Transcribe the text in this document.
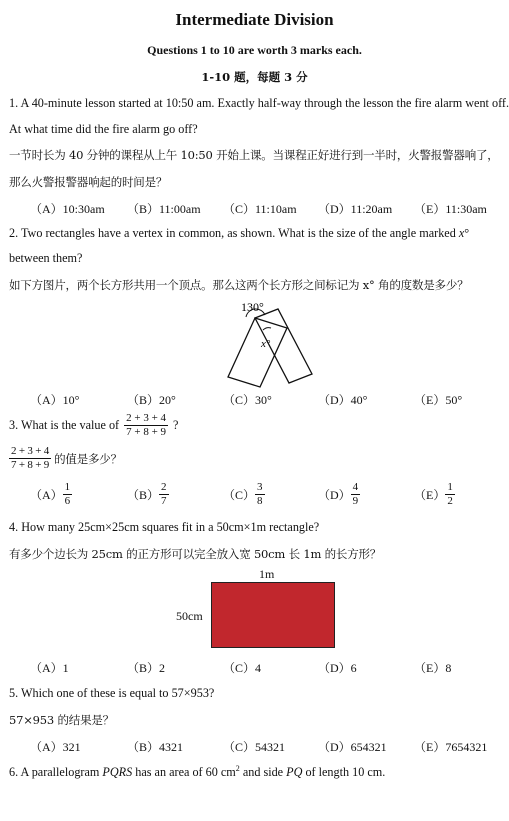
Intermediate Division
Questions 1 to 10 are worth 3 marks each.
1-10 题，每题 3 分
1. A 40-minute lesson started at 10:50 am. Exactly half-way through the lesson the fire alarm went off.
At what time did the fire alarm go off?
一节时长为 40 分钟的课程从上午 10:50 开始上课。当课程正好进行到一半时，火警报警器响了，
那么火警报警器响起的时间是？
（A）10:30am （B）11:00am （C）11:10am （D）11:20am （E）11:30am
2. Two rectangles have a vertex in common, as shown. What is the size of the angle marked x°
between them?
如下方图片，两个长方形共用一个顶点。那么这两个长方形之间标记为 x° 角的度数是多少？
130°
x°
（A）10°	（B）20°	（C）30°	（D）40°	（E）50°
3. What is the value of $\frac{2 + 3 + 4}{7 + 8 + 9}$ ?
$\frac{2 + 3 + 4}{7 + 8 + 9}$ 的值是多少？
$(A) \frac{1}{6}$	$(B) \frac{2}{7}$	$(C) \frac{3}{8}$	$(D) \frac{4}{9}$	$(E) \frac{1}{2}$
4. How many 25cm×25cm squares fit in a 50cm×1m rectangle?
有多少个边长为 25cm 的正方形可以完全放入宽 50cm 长 1m 的长方形？
1m
50cm
（A）1	（B）2	（C）4	（D）6	（E）8
5. Which one of these is equal to 57×953?
57×953 的结果是？
（A）321	（B）4321	（C）54321	（D）654321 （E）7654321
6. A parallelogram PQRS has an area of 60 $cm^2$ and side PQ of length 10 cm.
